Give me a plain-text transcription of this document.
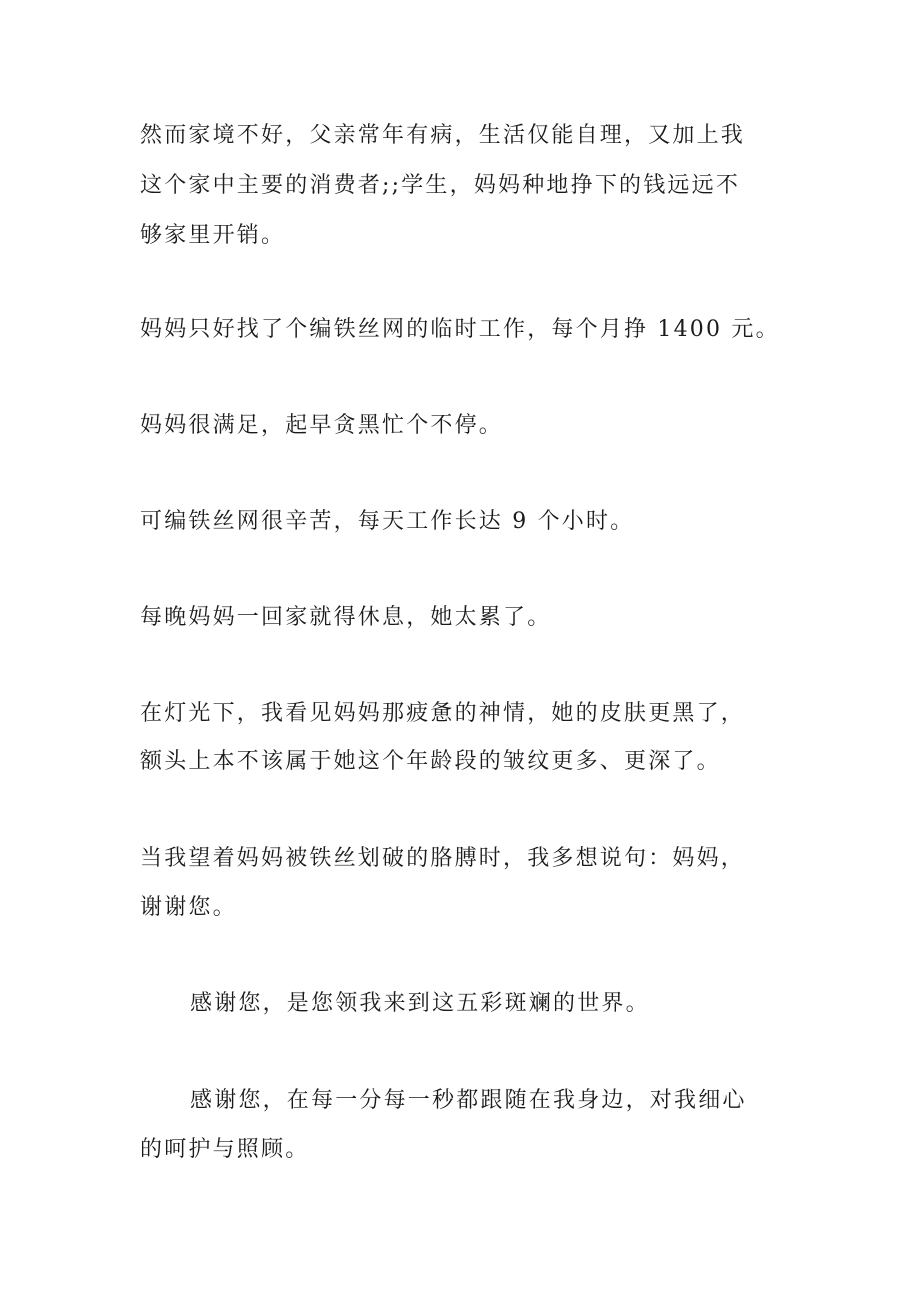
然而家境不好，父亲常年有病，生活仅能自理，又加上我

这个家中主要的消费者;;学生，妈妈种地挣下的钱远远不

够家里开销。

妈妈只好找了个编铁丝网的临时工作，每个月挣 1400 元。

妈妈很满足，起早贪黑忙个不停。

可编铁丝网很辛苦，每天工作长达 9 个小时。

每晚妈妈一回家就得休息，她太累了。

在灯光下，我看见妈妈那疲惫的神情，她的皮肤更黑了，

额头上本不该属于她这个年龄段的皱纹更多、更深了。

当我望着妈妈被铁丝划破的胳膊时，我多想说句：妈妈，

谢谢您。

感谢您，是您领我来到这五彩斑斓的世界。

感谢您，在每一分每一秒都跟随在我身边，对我细心

的呵护与照顾。
